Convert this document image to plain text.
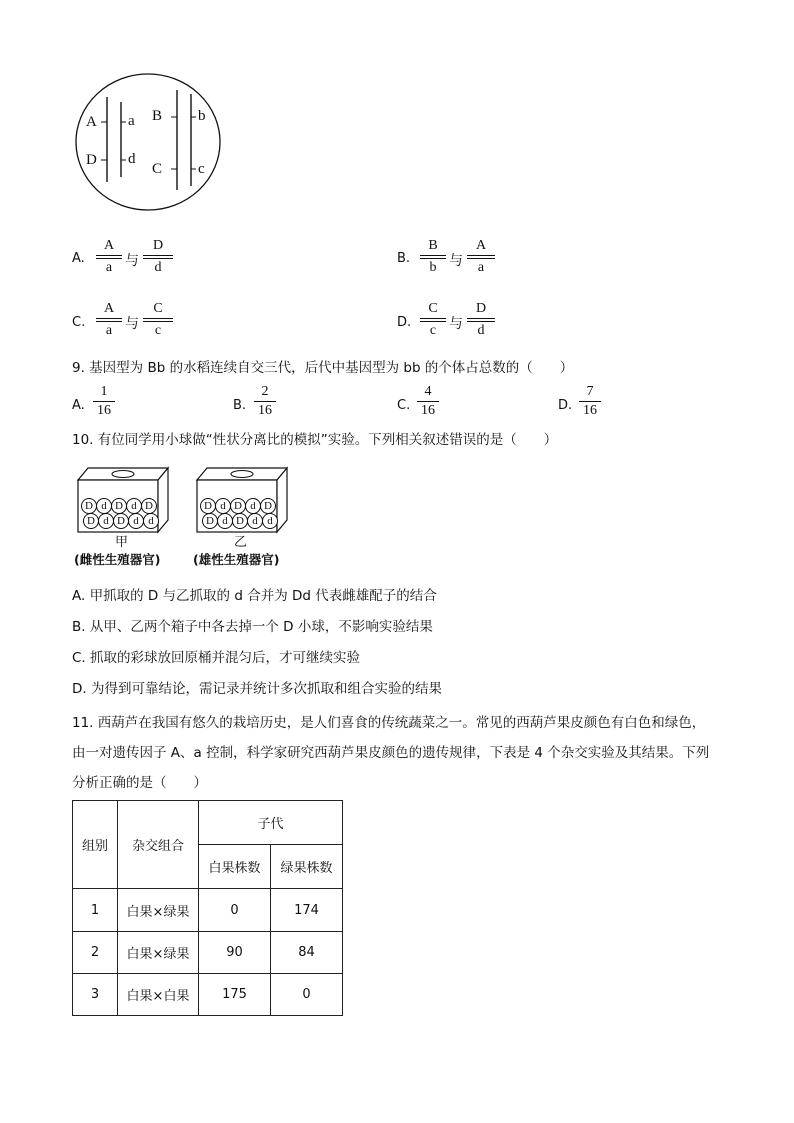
A
D
a
d
B
C
b
c
A.
A
a 与
D
d
B.
B
b 与
A
a
C.
A
a 与
C
c
D.
C
c 与
D
d
9. 基因型为 Bb 的水稻连续自交三代，后代中基因型为 bb 的个体占总数的（　　）
A.
1
16	B.
2
16	C.
4
16	D.
7
16
10. 有位同学用小球做“性状分离比的模拟”实验。下列相关叙述错误的是（　　）
D d D d D
D d D d d
甲
(雌性生殖器官)
D d D d D
D d D d d
乙
(雄性生殖器官)
A. 甲抓取的 D 与乙抓取的 d 合并为 Dd 代表雌雄配子的结合
B. 从甲、乙两个箱子中各去掉一个 D 小球，不影响实验结果
C. 抓取的彩球放回原桶并混匀后，才可继续实验
D. 为得到可靠结论，需记录并统计多次抓取和组合实验的结果
11. 西葫芦在我国有悠久的栽培历史，是人们喜食的传统蔬菜之一。常见的西葫芦果皮颜色有白色和绿色，
由一对遗传因子 A、a 控制，科学家研究西葫芦果皮颜色的遗传规律，下表是 4 个杂交实验及其结果。下列
分析正确的是（　　）
组别	杂交组合	子代	
		白果株数	绿果株数
1	白果×绿果	0	174
2	白果×绿果	90	84
3	白果×白果	175	0
